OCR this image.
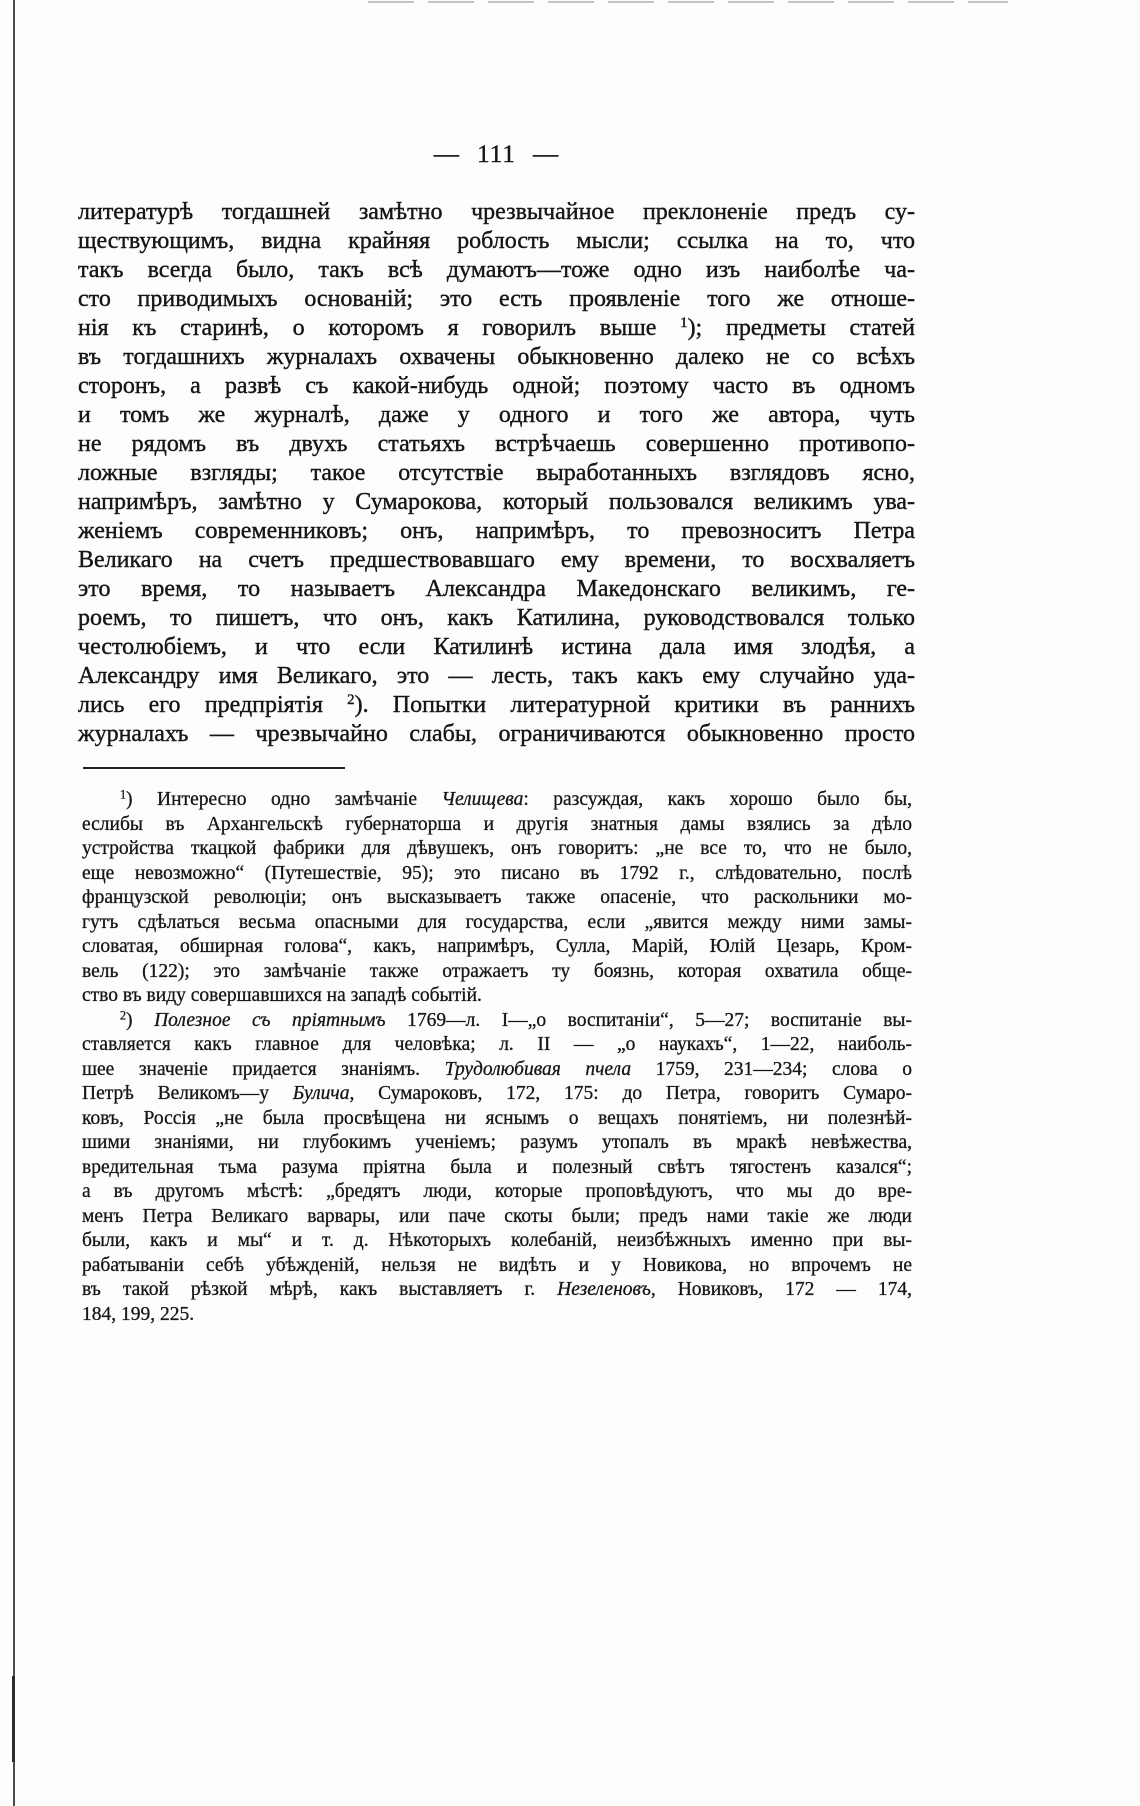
— 111 —
литературѣ тогдашней замѣтно чрезвычайное преклоненіе предъ су-
ществующимъ, видна крайняя роблость мысли; ссылка на то, что
такъ всегда было, такъ всѣ думаютъ—тоже одно изъ наиболѣе ча-
сто приводимыхъ основаній; это есть проявленіе того же отноше-
нія къ старинѣ, о которомъ я говорилъ выше $^1$); предметы статей
въ тогдашнихъ журналахъ охвачены обыкновенно далеко не со всѣхъ
сторонъ, а развѣ съ какой-нибудь одной; поэтому часто въ одномъ
и томъ же журналѣ, даже у одного и того же автора, чуть
не рядомъ въ двухъ статьяхъ встрѣчаешь совершенно противопо-
ложные взгляды; такое отсутствіе выработанныхъ взглядовъ ясно,
напримѣръ, замѣтно у Сумарокова, который пользовался великимъ ува-
женіемъ современниковъ; онъ, напримѣръ, то превозноситъ Петра
Великаго на счетъ предшествовавшаго ему времени, то восхваляетъ
это время, то называетъ Александра Македонскаго великимъ, ге-
роемъ, то пишетъ, что онъ, какъ Катилина, руководствовался только
честолюбіемъ, и что если Катилинѣ истина дала имя злодѣя, а
Александру имя Великаго, это — лесть, такъ какъ ему случайно уда-
лись его предпріятія $^2$). Попытки литературной критики въ раннихъ
журналахъ — чрезвычайно слабы, ограничиваются обыкновенно просто
$^1$) Интересно одно замѣчаніе Челищева: разсуждая, какъ хорошо было бы,
еслибы въ Архангельскѣ губернаторша и другія знатныя дамы взялись за дѣло
устройства ткацкой фабрики для дѣвушекъ, онъ говоритъ: „не все то, что не было,
еще невозможно“ (Путешествіе, 95); это писано въ 1792 г., слѣдовательно, послѣ
французской революціи; онъ высказываетъ также опасеніе, что раскольники мо-
гутъ сдѣлаться весьма опасными для государства, если „явится между ними замы-
словатая, обширная голова“, какъ, напримѣръ, Сулла, Марій, Юлій Цезарь, Кром-
вель (122); это замѣчаніе также отражаетъ ту боязнь, которая охватила обще-
ство въ виду совершавшихся на западѣ событій.
$^2$) Полезное съ пріятнымъ 1769—л. I—„о воспитаніи“, 5—27; воспитаніе вы-
ставляется какъ главное для человѣка; л. II — „о наукахъ“, 1—22, наиболь-
шее значеніе придается знаніямъ. Трудолюбивая пчела 1759, 231—234; слова о
Петрѣ Великомъ—у Булича, Сумароковъ, 172, 175: до Петра, говоритъ Сумаро-
ковъ, Россія „не была просвѣщена ни яснымъ о вещахъ понятіемъ, ни полезнѣй-
шими знаніями, ни глубокимъ ученіемъ; разумъ утопалъ въ мракѣ невѣжества,
вредительная тьма разума пріятна была и полезный свѣтъ тягостенъ казался“;
а въ другомъ мѣстѣ: „бредятъ люди, которые проповѣдуютъ, что мы до вре-
менъ Петра Великаго варвары, или паче скоты были; предъ нами такіе же люди
были, какъ и мы“ и т. д. Нѣкоторыхъ колебаній, неизбѣжныхъ именно при вы-
рабатываніи себѣ убѣжденій, нельзя не видѣть и у Новикова, но впрочемъ не
въ такой рѣзкой мѣрѣ, какъ выставляетъ г. Незеленовъ, Новиковъ, 172 — 174,
184, 199, 225.
